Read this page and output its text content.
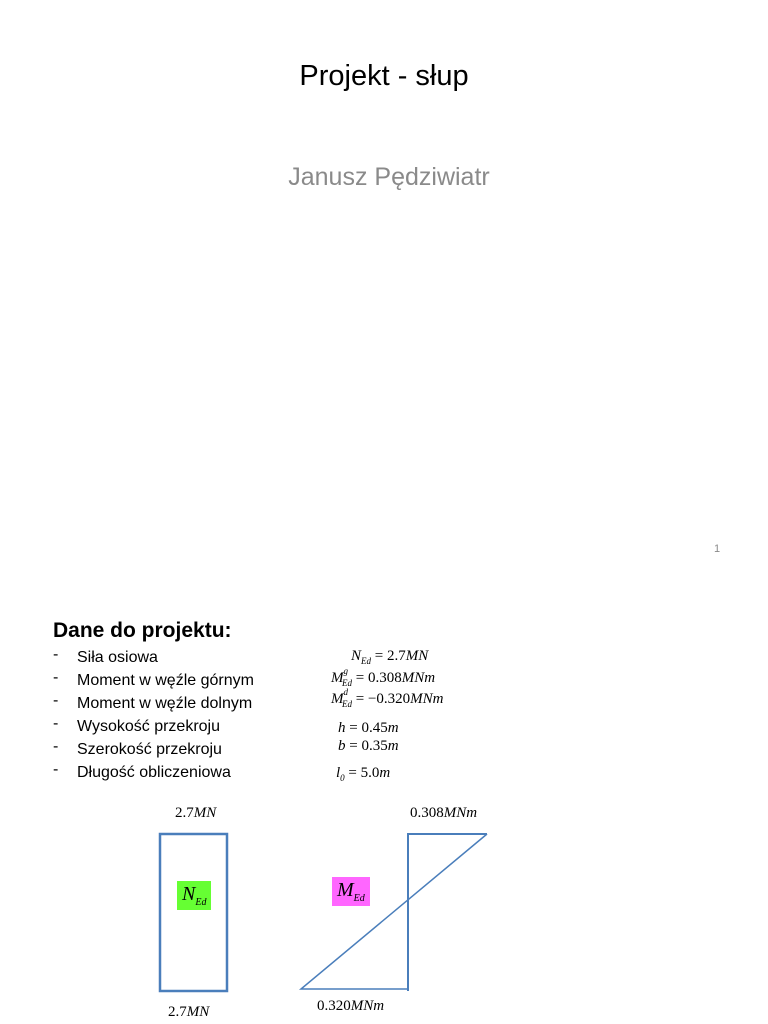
Projekt - słup
Janusz Pędziwiatr
1
Dane do projektu:
- Siła osiowa
- Moment w węźle górnym
- Moment w węźle dolnym
- Wysokość przekroju
- Szerokość przekroju
- Długość obliczeniowa
$N_{Ed} = 2.7MN$
$M^g_{Ed} = 0.308MNm$
$M^d_{Ed} = -0.320MNm$
h = 0.45m
b = 0.35m
$l_0 = 5.0m$
2.7MN
2.7MN
0.308MNm
0.320MNm
$N_{Ed}$
$M_{Ed}$
